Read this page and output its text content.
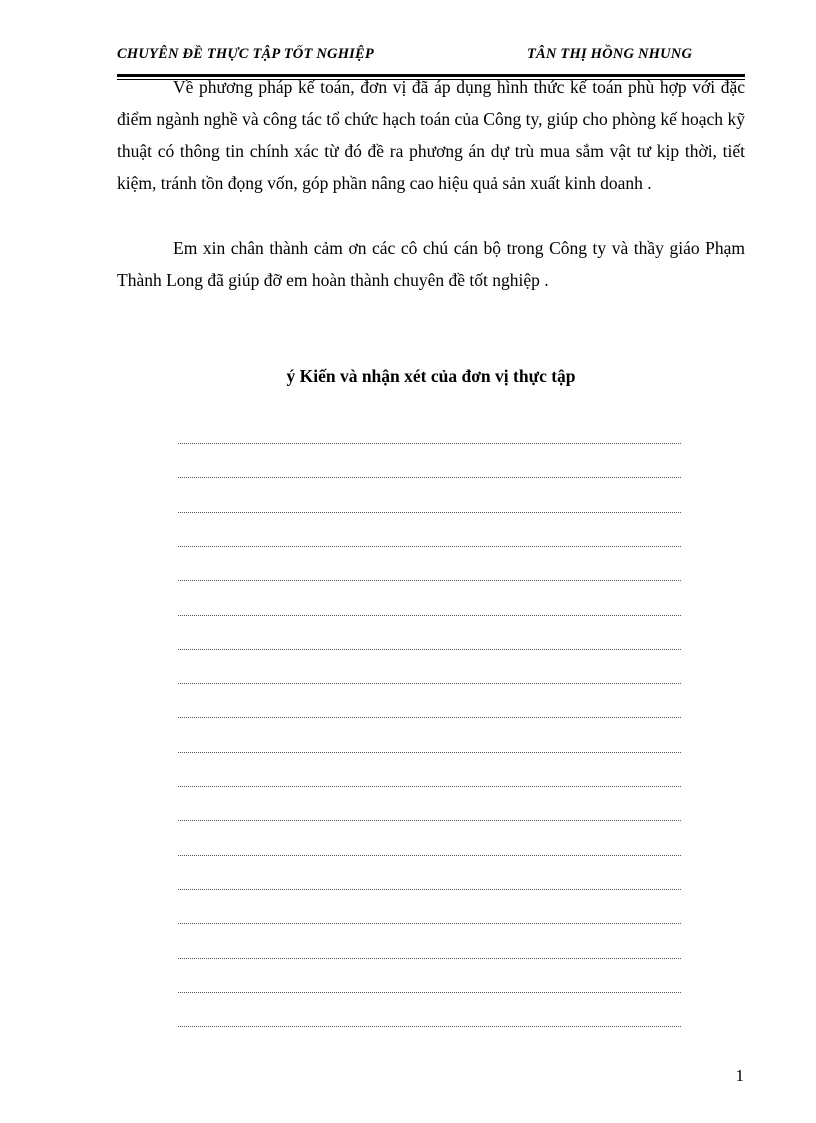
CHUYÊN ĐỀ THỰC TẬP TỐT NGHIỆP	TÂN THỊ HỒNG NHUNG

Về phương pháp kế toán, đơn vị đã áp dụng hình thức kế toán phù hợp với đặc điểm ngành nghề và công tác tổ chức hạch toán của Công ty, giúp cho phòng kế hoạch kỹ thuật có thông tin chính xác từ đó đề ra phương án dự trù mua sắm vật tư kịp thời, tiết kiệm, tránh tồn đọng vốn, góp phần nâng cao hiệu quả sản xuất kinh doanh .

Em xin chân thành cảm ơn các cô chú cán bộ trong Công ty và thầy giáo Phạm Thành Long đã giúp đỡ em hoàn thành chuyên đề tốt nghiệp .

ý Kiến và nhận xét của đơn vị thực tập
1
